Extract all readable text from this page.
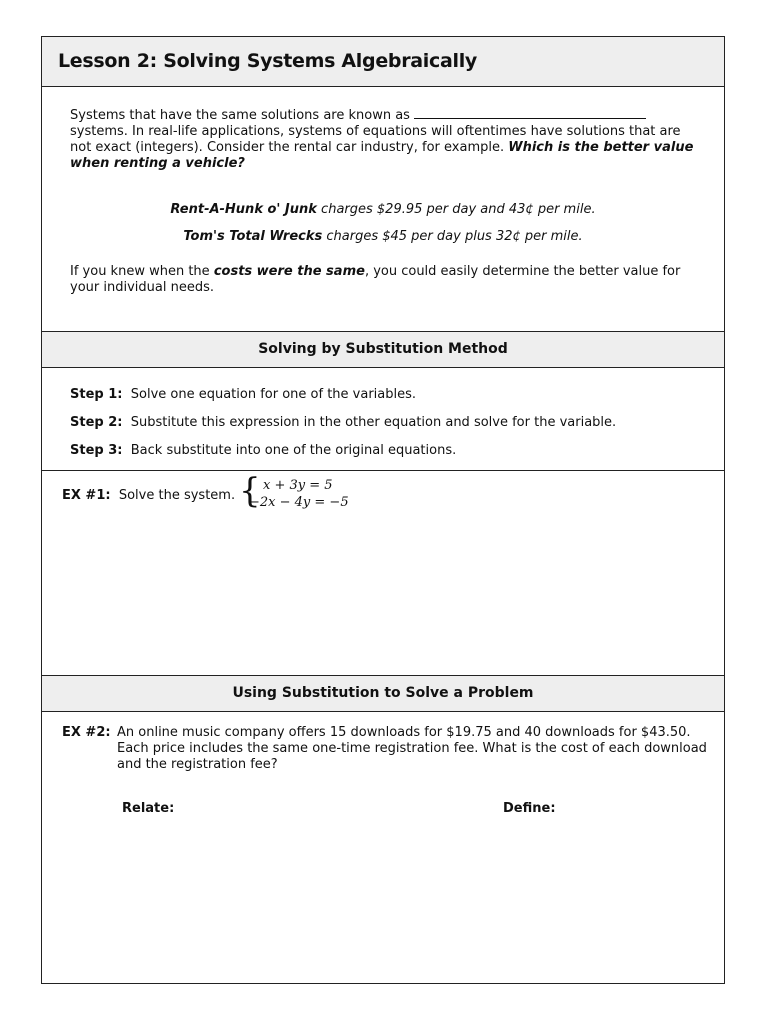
Lesson 2: Solving Systems Algebraically

Systems that have the same solutions are known as  systems. In real-life applications, systems of equations will oftentimes have solutions that are not exact (integers). Consider the rental car industry, for example. Which is the better value when renting a vehicle?

Rent-A-Hunk o' Junk charges $29.95 per day and 43¢ per mile.

Tom's Total Wrecks charges $45 per day plus 32¢ per mile.

If you knew when the costs were the same, you could easily determine the better value for your individual needs.

Solving by Substitution Method

Step 1: Solve one equation for one of the variables.

Step 2: Substitute this expression in the other equation and solve for the variable.

Step 3: Back substitute into one of the original equations.

EX #1: Solve the system. { x + 3y = 5
−2x − 4y = −5

Using Substitution to Solve a Problem

EX #2: An online music company offers 15 downloads for $19.75 and 40 downloads for $43.50. Each price includes the same one-time registration fee. What is the cost of each download and the registration fee?

Relate:	Define:
